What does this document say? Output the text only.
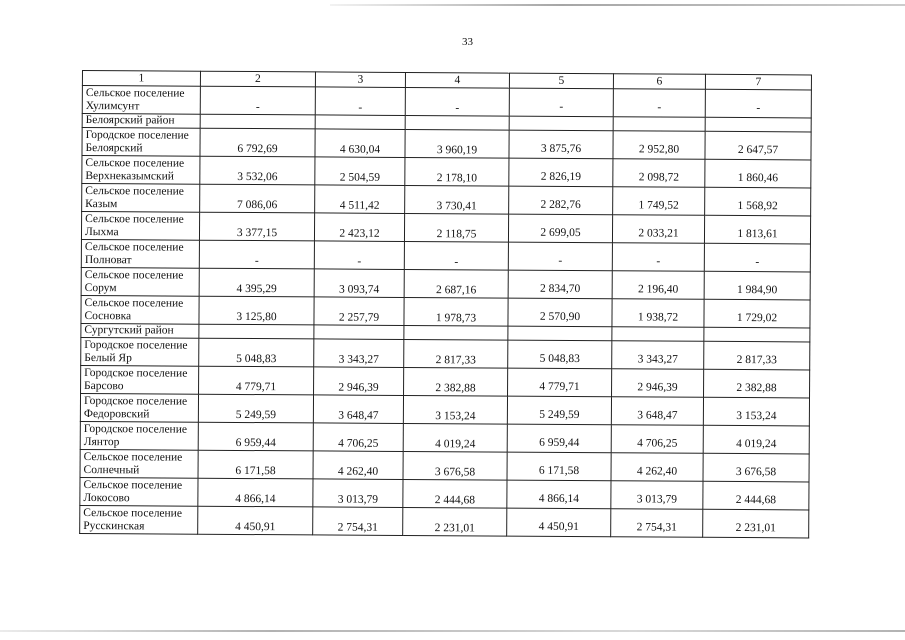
33
1	2	3	4	5	6	7
Сельское поселение
Хулимсунт	-	-	-	-	-	-
Белоярский район						
Городское поселение
Белоярский	6 792,69	4 630,04	3 960,19	3 875,76	2 952,80	2 647,57
Сельское поселение
Верхнеказымский	3 532,06	2 504,59	2 178,10	2 826,19	2 098,72	1 860,46
Сельское поселение
Казым	7 086,06	4 511,42	3 730,41	2 282,76	1 749,52	1 568,92
Сельское поселение
Лыхма	3 377,15	2 423,12	2 118,75	2 699,05	2 033,21	1 813,61
Сельское поселение
Полноват	-	-	-	-	-	-
Сельское поселение
Сорум	4 395,29	3 093,74	2 687,16	2 834,70	2 196,40	1 984,90
Сельское поселение
Сосновка	3 125,80	2 257,79	1 978,73	2 570,90	1 938,72	1 729,02
Сургутский район						
Городское поселение
Белый Яр	5 048,83	3 343,27	2 817,33	5 048,83	3 343,27	2 817,33
Городское поселение
Барсово	4 779,71	2 946,39	2 382,88	4 779,71	2 946,39	2 382,88
Городское поселение
Федоровский	5 249,59	3 648,47	3 153,24	5 249,59	3 648,47	3 153,24
Городское поселение
Лянтор	6 959,44	4 706,25	4 019,24	6 959,44	4 706,25	4 019,24
Сельское поселение
Солнечный	6 171,58	4 262,40	3 676,58	6 171,58	4 262,40	3 676,58
Сельское поселение
Локосово	4 866,14	3 013,79	2 444,68	4 866,14	3 013,79	2 444,68
Сельское поселение
Русскинская	4 450,91	2 754,31	2 231,01	4 450,91	2 754,31	2 231,01
